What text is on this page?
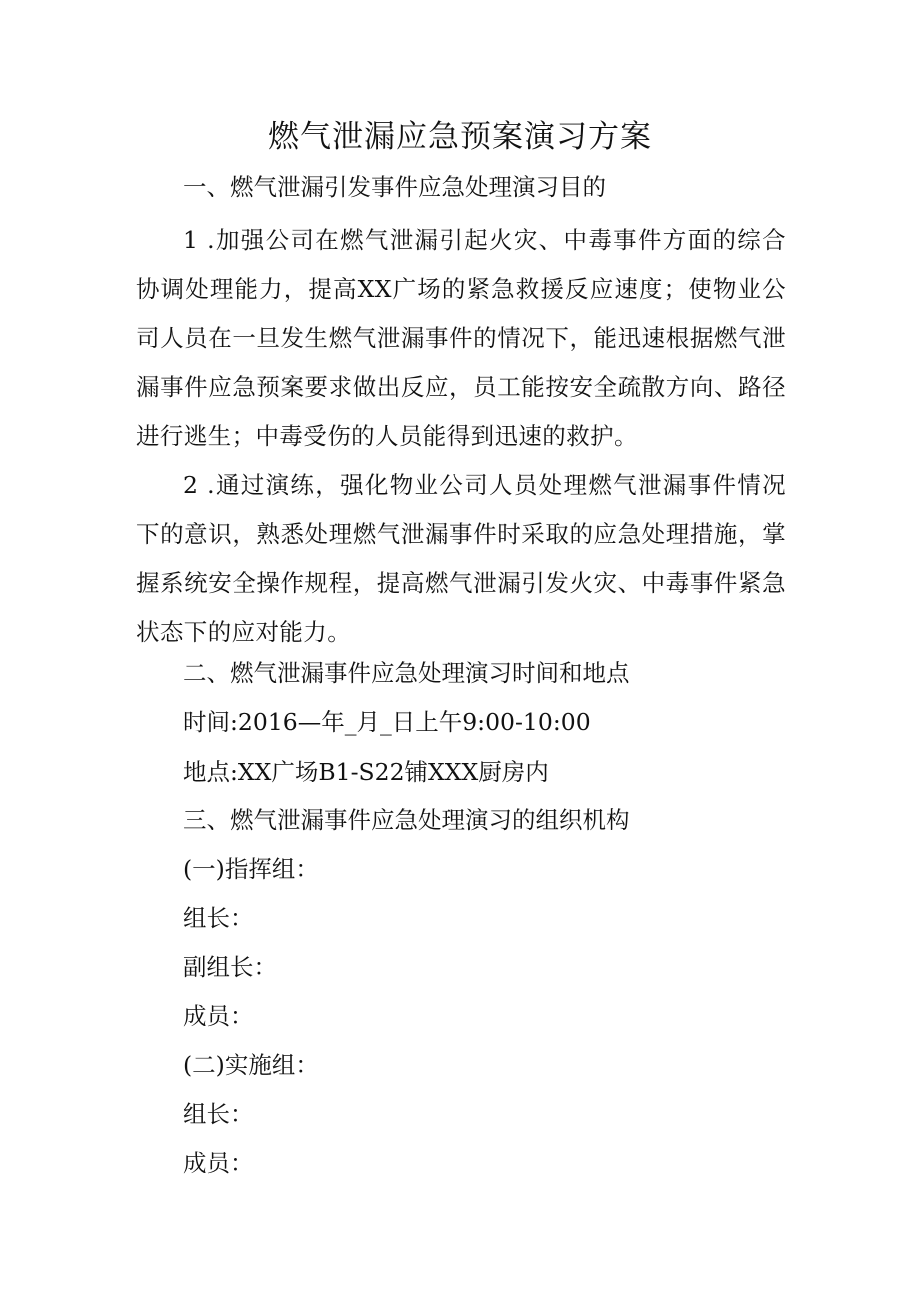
燃气泄漏应急预案演习方案

一、燃气泄漏引发事件应急处理演习目的

1 .加强公司在燃气泄漏引起火灾、中毒事件方面的综合协调处理能力，提高XX广场的紧急救援反应速度；使物业公司人员在一旦发生燃气泄漏事件的情况下，能迅速根据燃气泄漏事件应急预案要求做出反应，员工能按安全疏散方向、路径进行逃生；中毒受伤的人员能得到迅速的救护。

2 .通过演练，强化物业公司人员处理燃气泄漏事件情况下的意识，熟悉处理燃气泄漏事件时采取的应急处理措施，掌握系统安全操作规程，提高燃气泄漏引发火灾、中毒事件紧急状态下的应对能力。

二、燃气泄漏事件应急处理演习时间和地点

时间:2016—年_月_日上午9:00-10:00

地点:XX广场B1-S22铺XXX厨房内

三、燃气泄漏事件应急处理演习的组织机构

(一)指挥组：

组长：

副组长：

成员：

(二)实施组：

组长：

成员：
